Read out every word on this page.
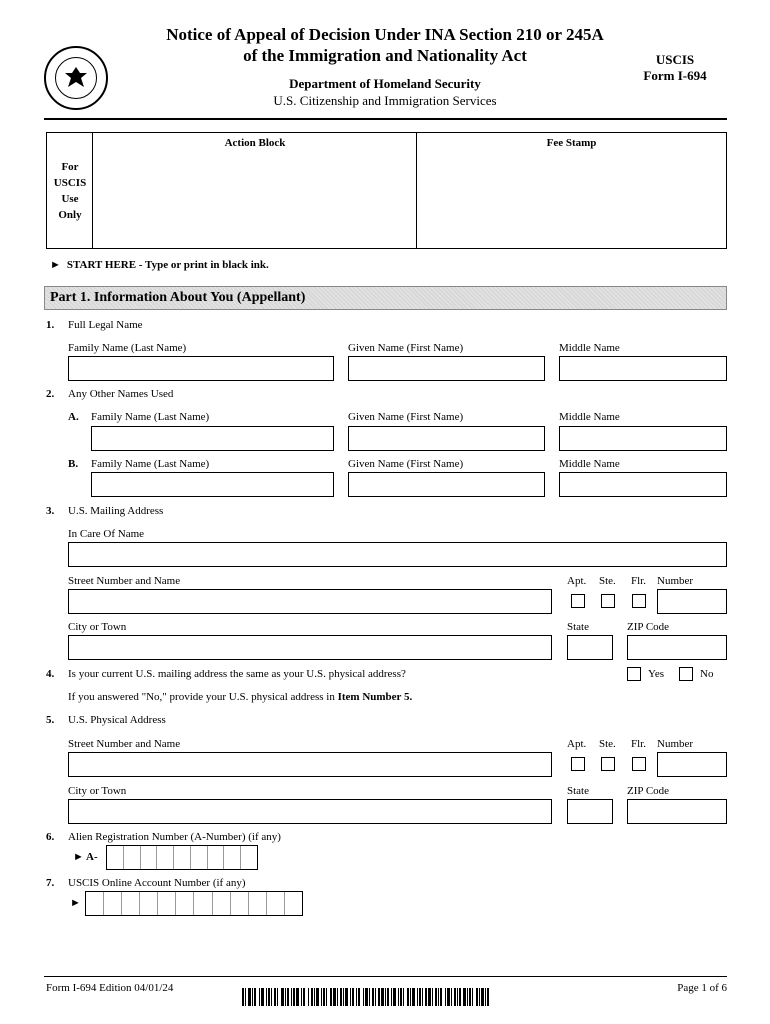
Notice of Appeal of Decision Under INA Section 210 or 245A
of the Immigration and Nationality Act
Department of Homeland Security
U.S. Citizenship and Immigration Services
USCIS
Form I-694
For
USCIS
Use
Only
Action Block	Fee Stamp
► START HERE - Type or print in black ink.
Part 1. Information About You (Appellant)
1. Full Legal Name
Family Name (Last Name)	Given Name (First Name)	Middle Name
2. Any Other Names Used
A. Family Name (Last Name)	Given Name (First Name)	Middle Name
B. Family Name (Last Name)	Given Name (First Name)	Middle Name
3. U.S. Mailing Address
In Care Of Name
Street Number and Name	Apt. Ste. Flr. Number
City or Town	State	ZIP Code
4. Is your current U.S. mailing address the same as your U.S. physical address?	Yes	No
If you answered "No," provide your U.S. physical address in Item Number 5.
5. U.S. Physical Address
Street Number and Name	Apt. Ste. Flr. Number
City or Town	State	ZIP Code
6. Alien Registration Number (A-Number) (if any)
► A-
7. USCIS Online Account Number (if any)
►
Form I-694 Edition 04/01/24	Page 1 of 6
